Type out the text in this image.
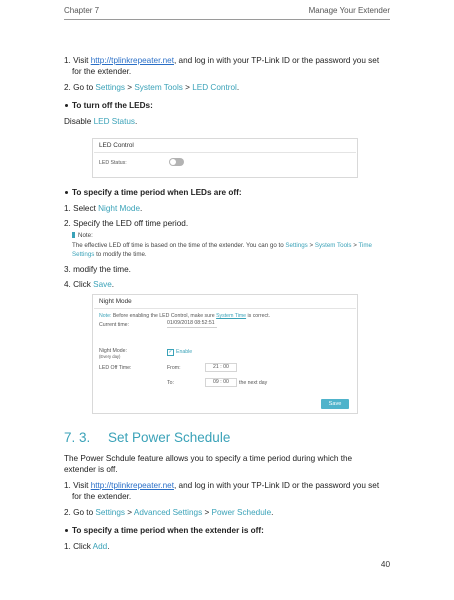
Chapter 7	Manage Your Extender
1. Visit http://tplinkrepeater.net, and log in with your TP-Link ID or the password you set
for the extender.
2. Go to Settings > System Tools > LED Control.
To turn off the LEDs:
Disable LED Status.
LED Control
LED Status:
To specify a time period when LEDs are off:
1. Select Night Mode.
2. Specify the LED off time period.
Note:
The effective LED off time is based on the time of the extender. You can go to Settings > System Tools > Time
Settings to modify the time.
3. modify the time.
4. Click Save.
Night Mode
Note: Before enabling the LED Control, make sure System Time is correct.
Current time:	01/09/2018 08:52:51
Night Mode:
(Every day)
✓ Enable
LED Off Time:	From:	21 : 00
To:	09 : 00	the next day
Save
7. 3. Set Power Schedule
The Power Schdule feature allows you to specify a time period during which the
extender is off.
1. Visit http://tplinkrepeater.net, and log in with your TP-Link ID or the password you set
for the extender.
2. Go to Settings > Advanced Settings > Power Schedule.
To specify a time period when the extender is off:
1. Click Add.
40
